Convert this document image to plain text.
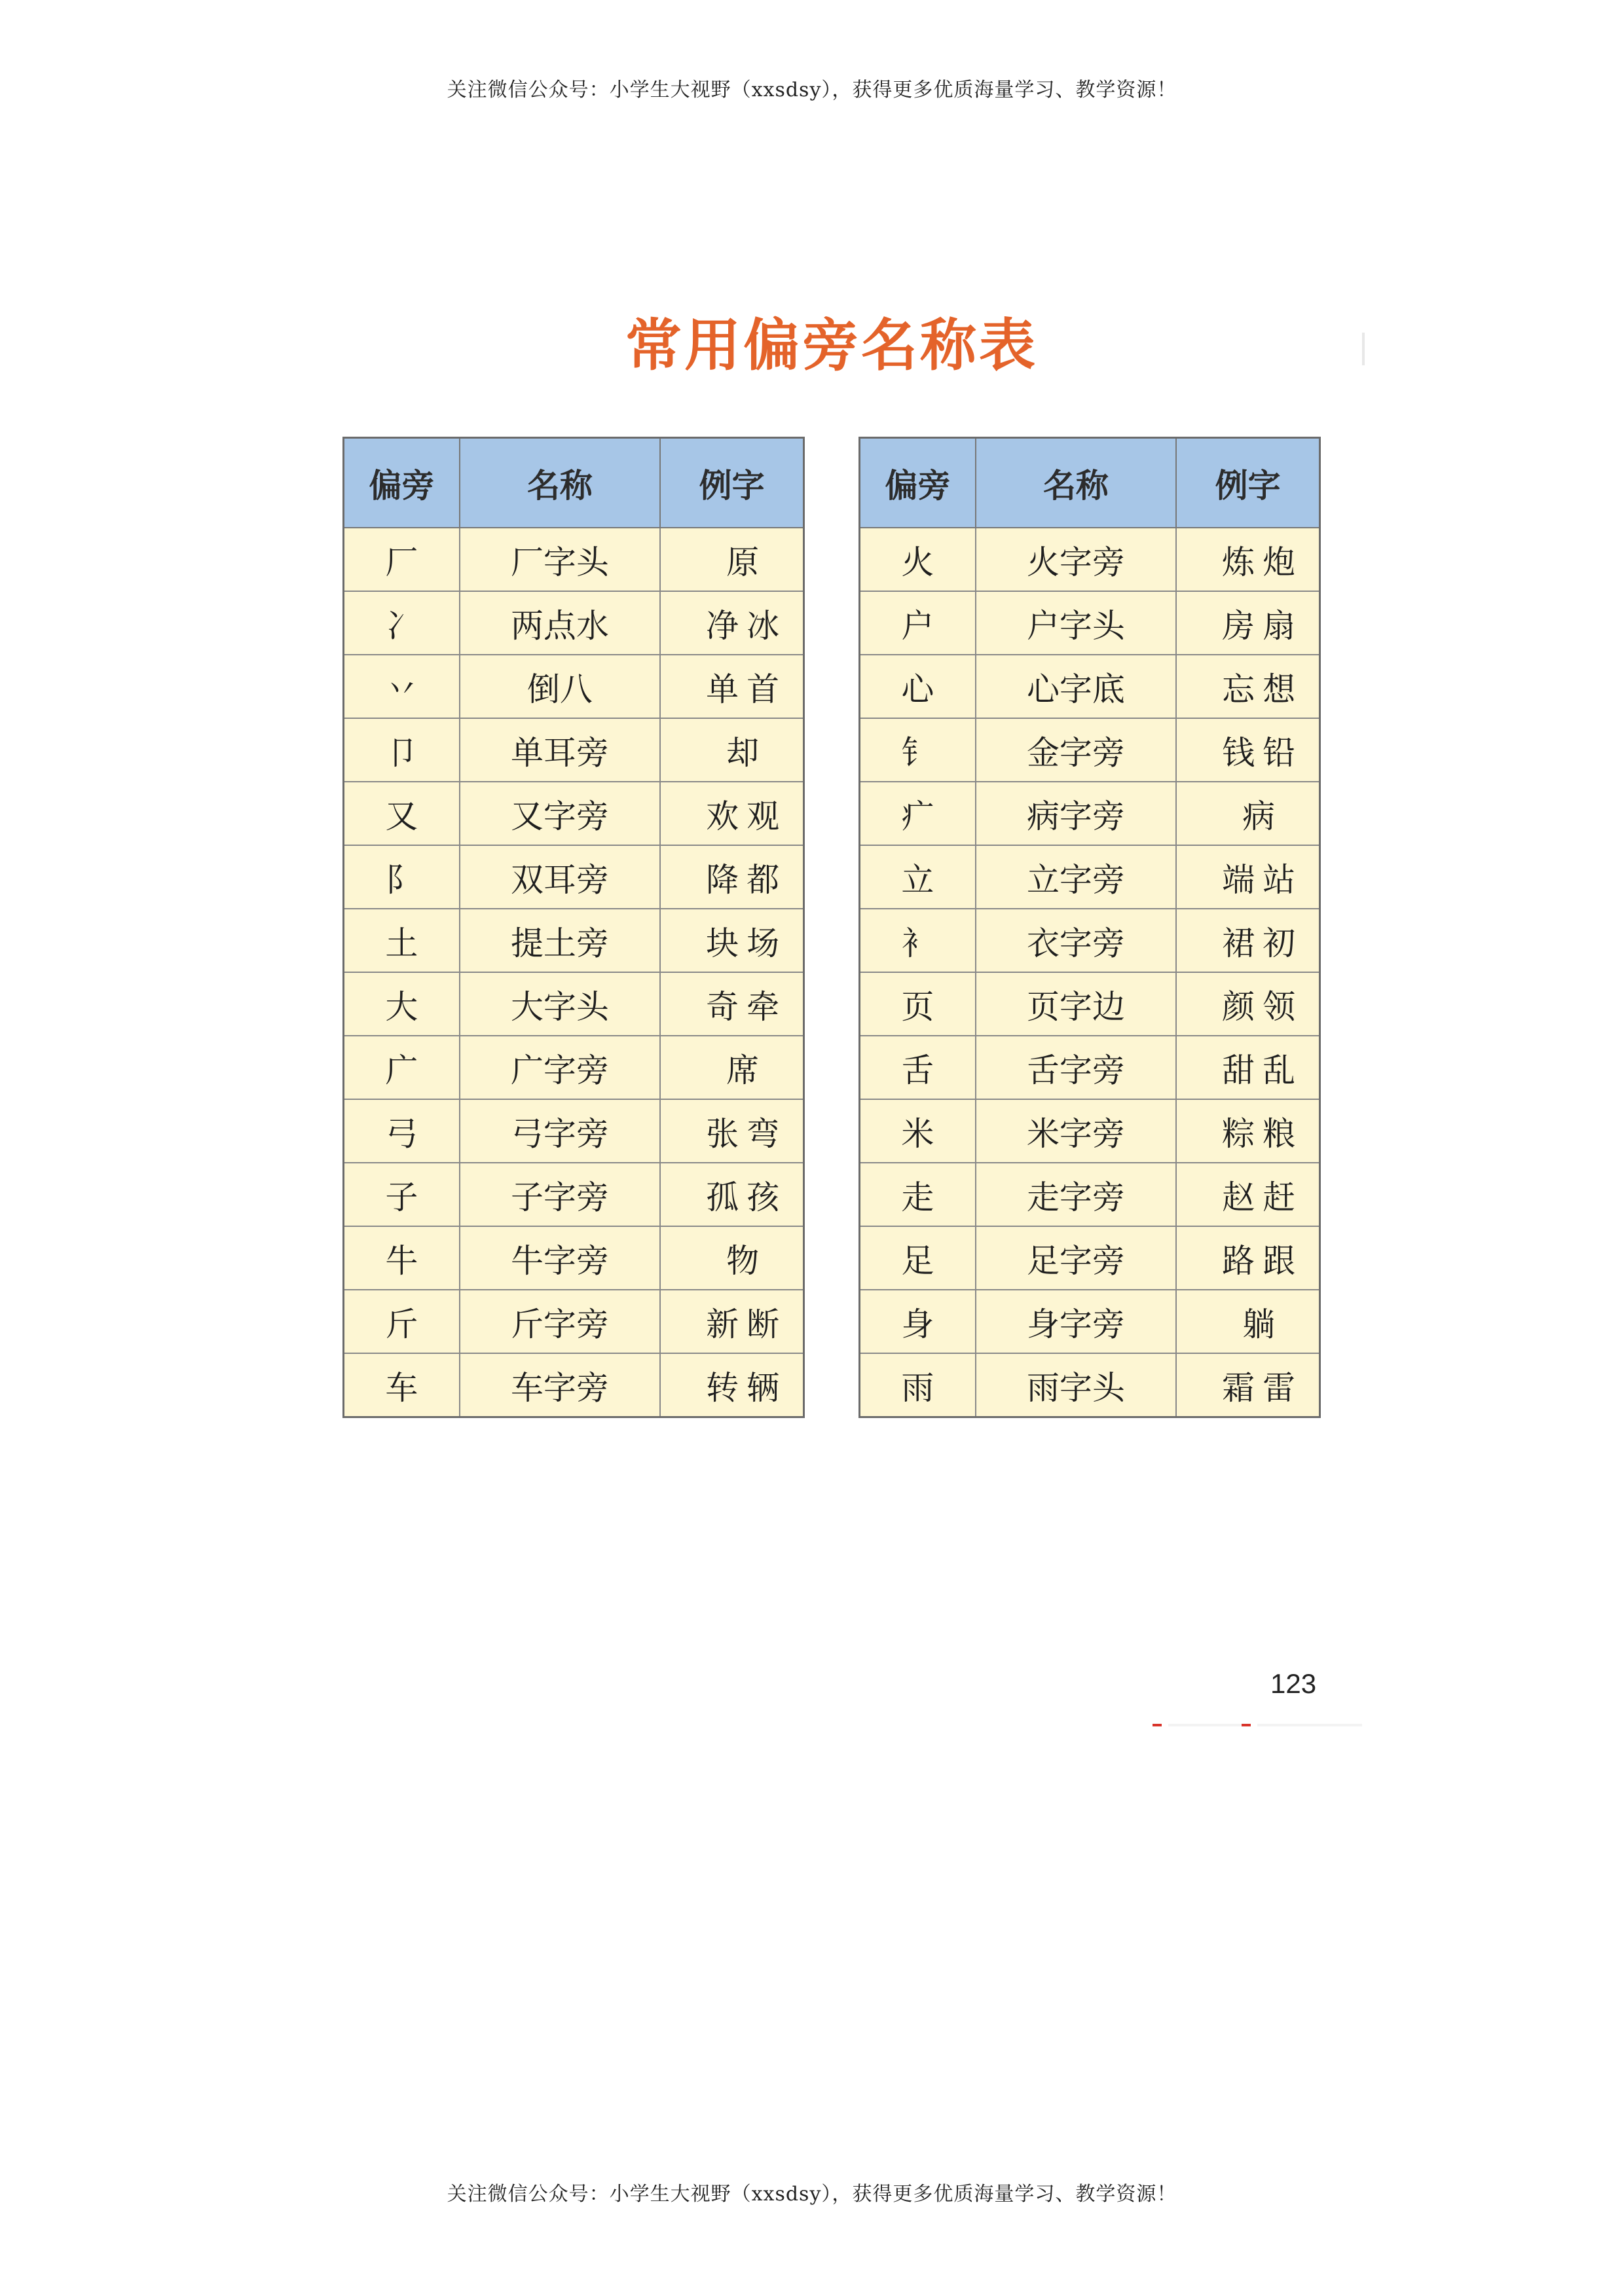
关注微信公众号：小学生大视野（xxsdsy），获得更多优质海量学习、教学资源！
常用偏旁名称表
偏旁	名称	例字
厂	厂字头	原
冫	两点水	净冰
丷	倒八	单首
卩	单耳旁	却
又	又字旁	欢观
阝	双耳旁	降都
土	提土旁	块场
大	大字头	奇牵
广	广字旁	席
弓	弓字旁	张弯
子	子字旁	孤孩
牛	牛字旁	物
斤	斤字旁	新断
车	车字旁	转辆
偏旁	名称	例字
火	火字旁	炼炮
户	户字头	房扇
心	心字底	忘想
钅	金字旁	钱铅
疒	病字旁	病
立	立字旁	端站
衤	衣字旁	裙初
页	页字边	颜领
舌	舌字旁	甜乱
米	米字旁	粽粮
走	走字旁	赵赶
足	足字旁	路跟
身	身字旁	躺
雨	雨字头	霜雷
123
关注微信公众号：小学生大视野（xxsdsy），获得更多优质海量学习、教学资源！
